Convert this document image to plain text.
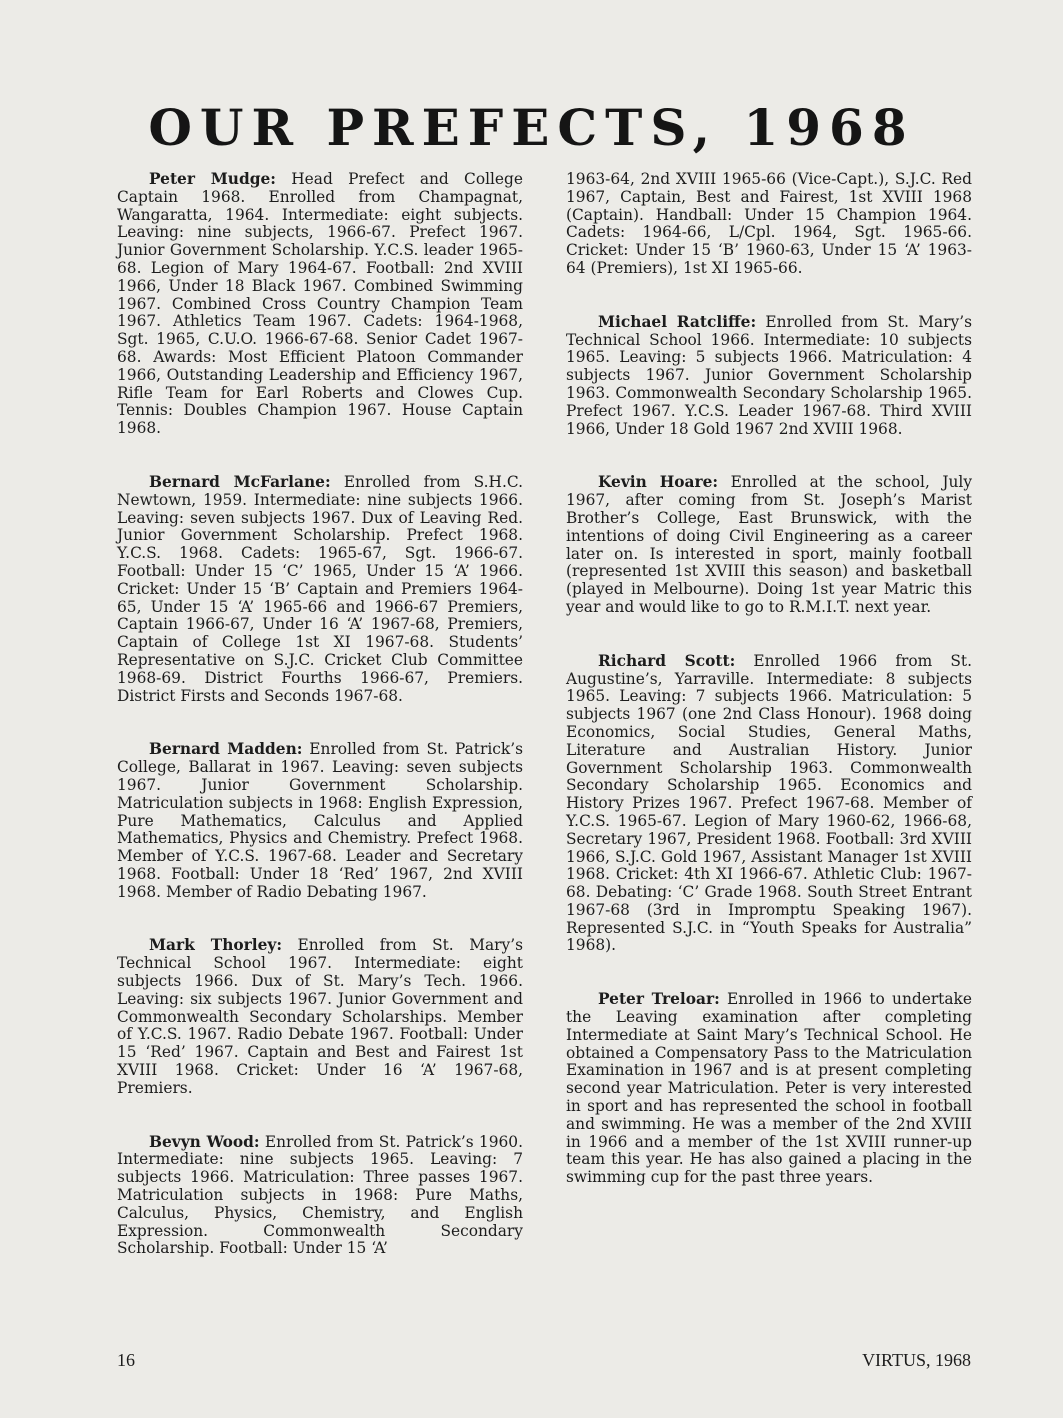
OUR PREFECTS, 1968

Peter Mudge: Head Prefect and College Captain 1968. Enrolled from Champagnat, Wangaratta, 1964. Intermediate: eight subjects. Leaving: nine subjects, 1966-67. Prefect 1967. Junior Government Scholarship. Y.C.S. leader 1965-68. Legion of Mary 1964-67. Football: 2nd XVIII 1966, Under 18 Black 1967. Combined Swimming 1967. Combined Cross Country Champion Team 1967. Athletics Team 1967. Cadets: 1964-1968, Sgt. 1965, C.U.O. 1966-67-68. Senior Cadet 1967-68. Awards: Most Efficient Platoon Commander 1966, Outstanding Leadership and Efficiency 1967, Rifle Team for Earl Roberts and Clowes Cup. Tennis: Doubles Champion 1967. House Captain 1968.

Bernard McFarlane: Enrolled from S.H.C. Newtown, 1959. Intermediate: nine subjects 1966. Leaving: seven subjects 1967. Dux of Leaving Red. Junior Government Scholarship. Prefect 1968. Y.C.S. 1968. Cadets: 1965-67, Sgt. 1966-67. Football: Under 15 ‘C’ 1965, Under 15 ‘A’ 1966. Cricket: Under 15 ‘B’ Captain and Premiers 1964-65, Under 15 ‘A’ 1965-66 and 1966-67 Premiers, Captain 1966-67, Under 16 ‘A’ 1967-68, Premiers, Captain of College 1st XI 1967-68. Students’ Representative on S.J.C. Cricket Club Committee 1968-69. District Fourths 1966-67, Premiers. District Firsts and Seconds 1967-68.

Bernard Madden: Enrolled from St. Patrick’s College, Ballarat in 1967. Leaving: seven subjects 1967. Junior Government Scholarship. Matriculation subjects in 1968: English Expression, Pure Mathematics, Calculus and Applied Mathematics, Physics and Chemistry. Prefect 1968. Member of Y.C.S. 1967-68. Leader and Secretary 1968. Football: Under 18 ‘Red’ 1967, 2nd XVIII 1968. Member of Radio Debating 1967.

Mark Thorley: Enrolled from St. Mary’s Technical School 1967. Intermediate: eight subjects 1966. Dux of St. Mary’s Tech. 1966. Leaving: six subjects 1967. Junior Government and Commonwealth Secondary Scholarships. Member of Y.C.S. 1967. Radio Debate 1967. Football: Under 15 ‘Red’ 1967. Captain and Best and Fairest 1st XVIII 1968. Cricket: Under 16 ‘A’ 1967-68, Premiers.

Bevyn Wood: Enrolled from St. Patrick’s 1960. Intermediate: nine subjects 1965. Leaving: 7 subjects 1966. Matriculation: Three passes 1967. Matriculation subjects in 1968: Pure Maths, Calculus, Physics, Chemistry, and English Expression. Commonwealth Secondary Scholarship. Football: Under 15 ‘A’

1963-64, 2nd XVIII 1965-66 (Vice-Capt.), S.J.C. Red 1967, Captain, Best and Fairest, 1st XVIII 1968 (Captain). Handball: Under 15 Champion 1964. Cadets: 1964-66, L/Cpl. 1964, Sgt. 1965-66. Cricket: Under 15 ‘B’ 1960-63, Under 15 ‘A’ 1963-64 (Premiers), 1st XI 1965-66.

Michael Ratcliffe: Enrolled from St. Mary’s Technical School 1966. Intermediate: 10 subjects 1965. Leaving: 5 subjects 1966. Matriculation: 4 subjects 1967. Junior Government Scholarship 1963. Commonwealth Secondary Scholarship 1965. Prefect 1967. Y.C.S. Leader 1967-68. Third XVIII 1966, Under 18 Gold 1967 2nd XVIII 1968.

Kevin Hoare: Enrolled at the school, July 1967, after coming from St. Joseph’s Marist Brother’s College, East Brunswick, with the intentions of doing Civil Engineering as a career later on. Is interested in sport, mainly football (represented 1st XVIII this season) and basketball (played in Melbourne). Doing 1st year Matric this year and would like to go to R.M.I.T. next year.

Richard Scott: Enrolled 1966 from St. Augustine’s, Yarraville. Intermediate: 8 subjects 1965. Leaving: 7 subjects 1966. Matriculation: 5 subjects 1967 (one 2nd Class Honour). 1968 doing Economics, Social Studies, General Maths, Literature and Australian History. Junior Government Scholarship 1963. Commonwealth Secondary Scholarship 1965. Economics and History Prizes 1967. Prefect 1967-68. Member of Y.C.S. 1965-67. Legion of Mary 1960-62, 1966-68, Secretary 1967, President 1968. Football: 3rd XVIII 1966, S.J.C. Gold 1967, Assistant Manager 1st XVIII 1968. Cricket: 4th XI 1966-67. Athletic Club: 1967-68. Debating: ‘C’ Grade 1968. South Street Entrant 1967-68 (3rd in Impromptu Speaking 1967). Represented S.J.C. in “Youth Speaks for Australia” 1968).

Peter Treloar: Enrolled in 1966 to undertake the Leaving examination after completing Intermediate at Saint Mary’s Technical School. He obtained a Compensatory Pass to the Matriculation Examination in 1967 and is at present completing second year Matriculation. Peter is very interested in sport and has represented the school in football and swimming. He was a member of the 2nd XVIII in 1966 and a member of the 1st XVIII runner-up team this year. He has also gained a placing in the swimming cup for the past three years.

16	VIRTUS, 1968
